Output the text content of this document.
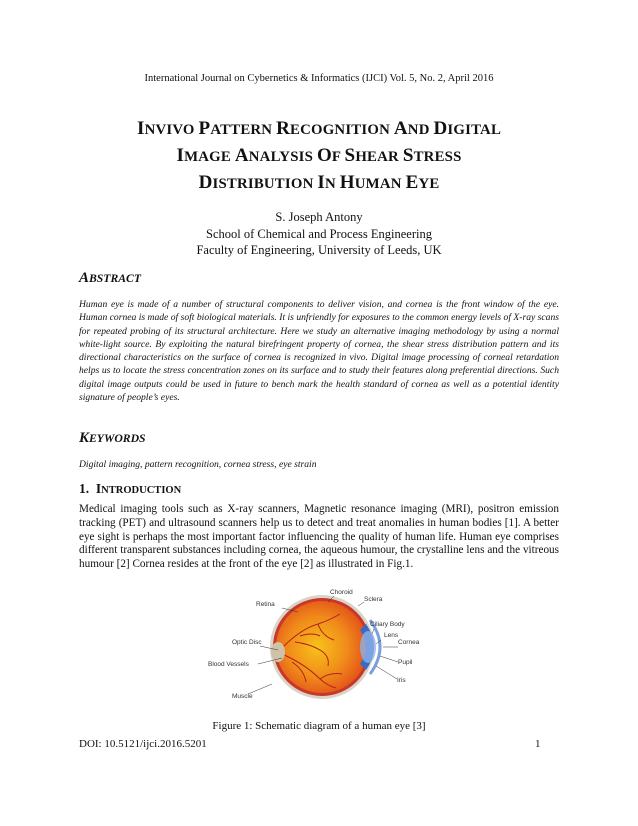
International Journal on Cybernetics & Informatics (IJCI) Vol. 5, No. 2, April 2016
INVIVO PATTERN RECOGNITION AND DIGITAL
IMAGE ANALYSIS OF SHEAR STRESS
DISTRIBUTION IN HUMAN EYE
S. Joseph Antony
School of Chemical and Process Engineering
Faculty of Engineering, University of Leeds, UK
ABSTRACT
Human eye is made of a number of structural components to deliver vision, and cornea is the front window of the eye. Human cornea is made of soft biological materials. It is unfriendly for exposures to the common energy levels of X-ray scans for repeated probing of its structural architecture. Here we study an alternative imaging methodology by using a normal white-light source. By exploiting the natural birefringent property of cornea, the shear stress distribution pattern and its directional characteristics on the surface of cornea is recognized in vivo. Digital image processing of corneal retardation helps us to locate the stress concentration zones on its surface and to study their features along preferential directions. Such digital image outputs could be used in future to bench mark the health standard of cornea as well as a potential identity signature of people’s eyes.
KEYWORDS
Digital imaging, pattern recognition, cornea stress, eye strain
1. INTRODUCTION
Medical imaging tools such as X-ray scanners, Magnetic resonance imaging (MRI), positron emission tracking (PET) and ultrasound scanners help us to detect and treat anomalies in human bodies [1]. A better eye sight is perhaps the most important factor influencing the quality of human life. Human eye comprises different transparent substances including cornea, the aqueous humour, the crystalline lens and the vitreous humour [2] Cornea resides at the front of the eye [2] as illustrated in Fig.1.
Choroid
Sclera
Retina
Ciliary Body
Lens
Cornea
Optic Disc
Pupil
Blood Vessels
Iris
Muscle
Figure 1: Schematic diagram of a human eye [3]
DOI: 10.5121/ijci.2016.5201	1
